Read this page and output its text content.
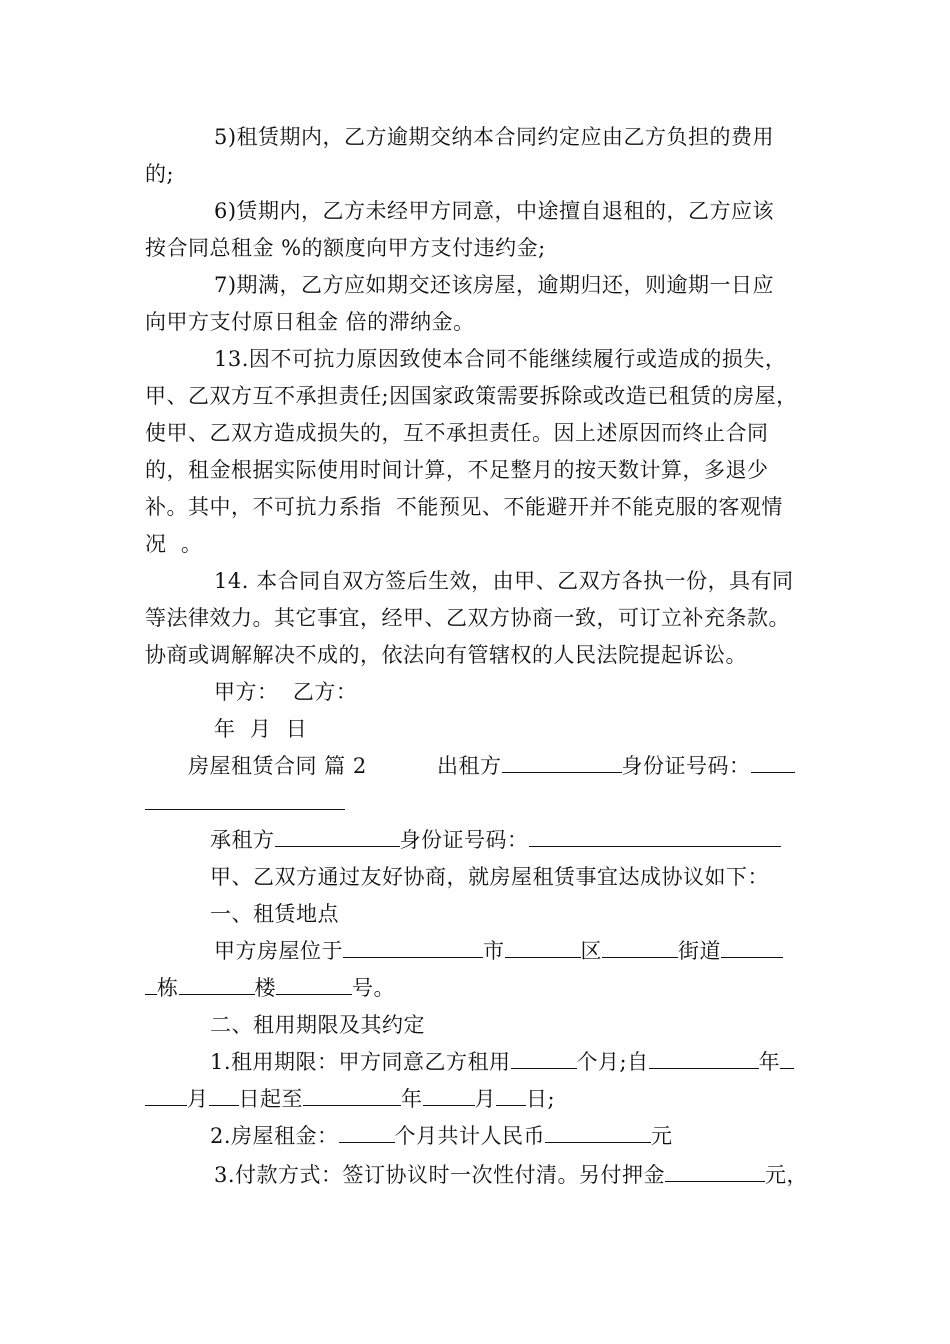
5)租赁期内，乙方逾期交纳本合同约定应由乙方负担的费用
的;
6)赁期内，乙方未经甲方同意，中途擅自退租的，乙方应该
按合同总租金 %的额度向甲方支付违约金;
7)期满，乙方应如期交还该房屋，逾期归还，则逾期一日应
向甲方支付原日租金 倍的滞纳金。
13.因不可抗力原因致使本合同不能继续履行或造成的损失，
甲、乙双方互不承担责任;因国家政策需要拆除或改造已租赁的房屋，
使甲、乙双方造成损失的，互不承担责任。因上述原因而终止合同
的，租金根据实际使用时间计算，不足整月的按天数计算，多退少
补。其中，不可抗力系指  不能预见、不能避开并不能克服的客观情
况  。
14. 本合同自双方签后生效，由甲、乙双方各执一份，具有同
等法律效力。其它事宜，经甲、乙双方协商一致，可订立补充条款。
协商或调解解决不成的，依法向有管辖权的人民法院提起诉讼。
甲方：  乙方：
年  月  日
房屋租赁合同 篇 2	出租方	身份证号码：
承租方	身份证号码：
甲、乙双方通过友好协商，就房屋租赁事宜达成协议如下：
一、租赁地点
甲方房屋位于	市	区	街道
栋	楼	号。
二、租用期限及其约定
1.租用期限：甲方同意乙方租用	个月;自	年
月 日起至	年 月 日;
2.房屋租金：	个月共计人民币	元
3.付款方式：签订协议时一次性付清。另付押金	元，
